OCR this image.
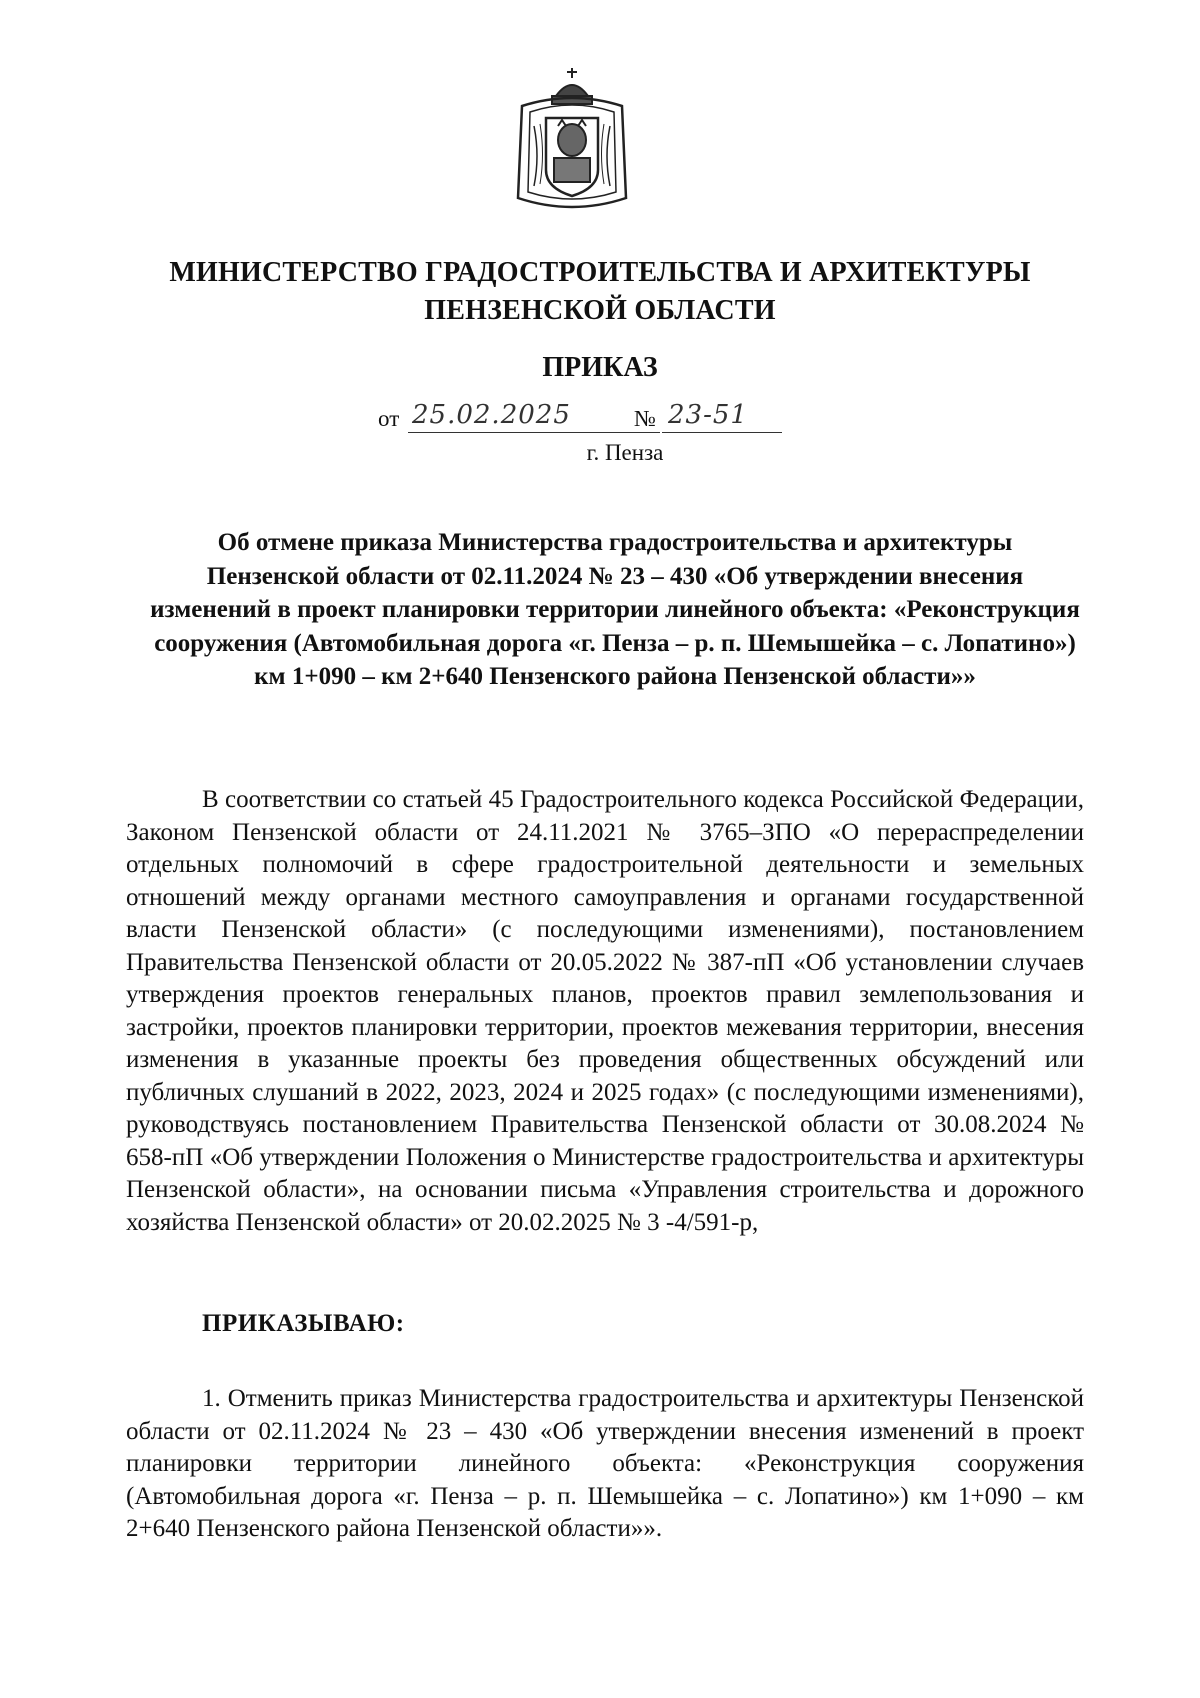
МИНИСТЕРСТВО ГРАДОСТРОИТЕЛЬСТВА И АРХИТЕКТУРЫ
ПЕНЗЕНСКОЙ ОБЛАСТИ
ПРИКАЗ
от 25.02.2025	№ 23-51
г. Пенза
Об отмене приказа Министерства градостроительства и архитектуры Пензенской области от 02.11.2024 № 23 – 430 «Об утверждении внесения изменений в проект планировки территории линейного объекта: «Реконструкция сооружения (Автомобильная дорога «г. Пенза – р. п. Шемышейка – с. Лопатино») км 1+090 – км 2+640 Пензенского района Пензенской области»»

В соответствии со статьей 45 Градостроительного кодекса Российской Федерации, Законом Пензенской области от 24.11.2021 № 3765–ЗПО «О перераспределении отдельных полномочий в сфере градостроительной деятельности и земельных отношений между органами местного самоуправления и органами государственной власти Пензенской области» (с последующими изменениями), постановлением Правительства Пензенской области от 20.05.2022 № 387-пП «Об установлении случаев утверждения проектов генеральных планов, проектов правил землепользования и застройки, проектов планировки территории, проектов межевания территории, внесения изменения в указанные проекты без проведения общественных обсуждений или публичных слушаний в 2022, 2023, 2024 и 2025 годах» (с последующими изменениями), руководствуясь постановлением Правительства Пензенской области от 30.08.2024 № 658-пП «Об утверждении Положения о Министерстве градостроительства и архитектуры Пензенской области», на основании письма «Управления строительства и дорожного хозяйства Пензенской области» от 20.02.2025 № 3 -4/591-р,

ПРИКАЗЫВАЮ:

1. Отменить приказ Министерства градостроительства и архитектуры Пензенской области от 02.11.2024 № 23 – 430 «Об утверждении внесения изменений в проект планировки территории линейного объекта: «Реконструкция сооружения (Автомобильная дорога «г. Пенза – р. п. Шемышейка – с. Лопатино») км 1+090 – км 2+640 Пензенского района Пензенской области»».
